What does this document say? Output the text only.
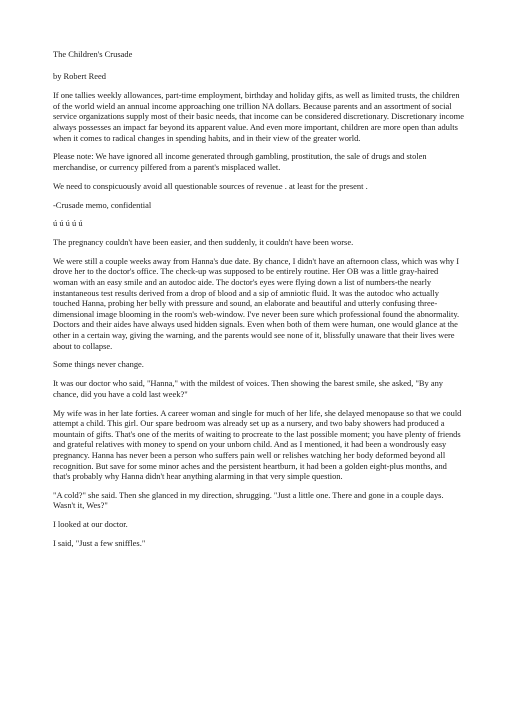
The Children's Crusade

by Robert Reed

If one tallies weekly allowances, part-time employment, birthday and holiday gifts, as well as limited trusts, the children of the world wield an annual income approaching one trillion NA dollars. Because parents and an assortment of social service organizations supply most of their basic needs, that income can be considered discretionary. Discretionary income always possesses an impact far beyond its apparent value. And even more important, children are more open than adults when it comes to radical changes in spending habits, and in their view of the greater world.

Please note: We have ignored all income generated through gambling, prostitution, the sale of drugs and stolen merchandise, or currency pilfered from a parent's misplaced wallet.

We need to conspicuously avoid all questionable sources of revenue . at least for the present .

-Crusade memo, confidential

ú ú ú ú ú

The pregnancy couldn't have been easier, and then suddenly, it couldn't have been worse.

We were still a couple weeks away from Hanna's due date. By chance, I didn't have an afternoon class, which was why I drove her to the doctor's office. The check-up was supposed to be entirely routine. Her OB was a little gray-haired woman with an easy smile and an autodoc aide. The doctor's eyes were flying down a list of numbers-the nearly instantaneous test results derived from a drop of blood and a sip of amniotic fluid. It was the autodoc who actually touched Hanna, probing her belly with pressure and sound, an elaborate and beautiful and utterly confusing three-dimensional image blooming in the room's web-window. I've never been sure which professional found the abnormality. Doctors and their aides have always used hidden signals. Even when both of them were human, one would glance at the other in a certain way, giving the warning, and the parents would see none of it, blissfully unaware that their lives were about to collapse.

Some things never change.

It was our doctor who said, "Hanna," with the mildest of voices. Then showing the barest smile, she asked, "By any chance, did you have a cold last week?"

My wife was in her late forties. A career woman and single for much of her life, she delayed menopause so that we could attempt a child. This girl. Our spare bedroom was already set up as a nursery, and two baby showers had produced a mountain of gifts. That's one of the merits of waiting to procreate to the last possible moment; you have plenty of friends and grateful relatives with money to spend on your unborn child. And as I mentioned, it had been a wondrously easy pregnancy. Hanna has never been a person who suffers pain well or relishes watching her body deformed beyond all recognition. But save for some minor aches and the persistent heartburn, it had been a golden eight-plus months, and that's probably why Hanna didn't hear anything alarming in that very simple question.

"A cold?" she said. Then she glanced in my direction, shrugging. "Just a little one. There and gone in a couple days. Wasn't it, Wes?"

I looked at our doctor.

I said, "Just a few sniffles."
